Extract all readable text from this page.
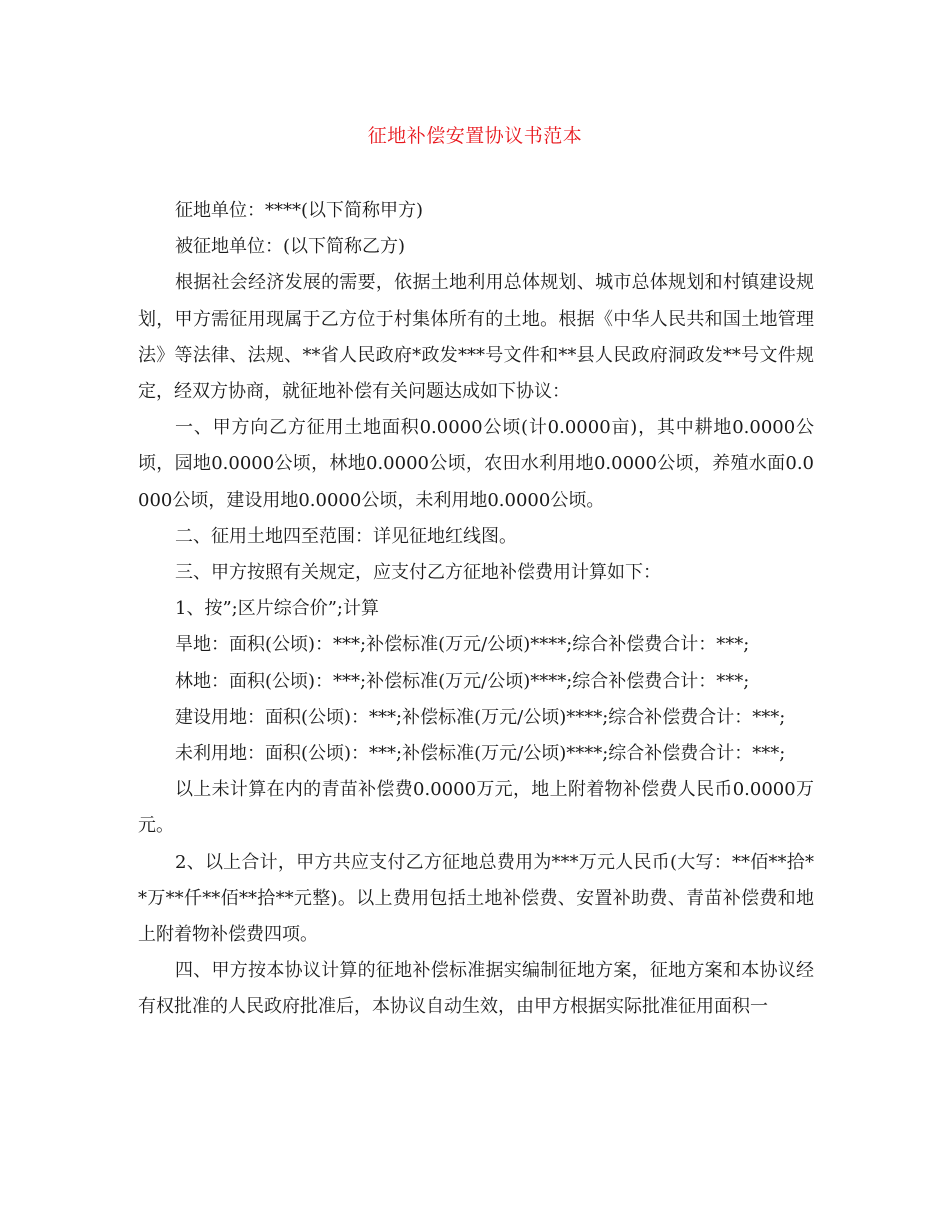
征地补偿安置协议书范本

征地单位：****(以下简称甲方)

被征地单位：(以下简称乙方)

根据社会经济发展的需要，依据土地利用总体规划、城市总体规划和村镇建设规划，甲方需征用现属于乙方位于村集体所有的土地。根据《中华人民共和国土地管理法》等法律、法规、**省人民政府*政发***号文件和**县人民政府洞政发**号文件规定，经双方协商，就征地补偿有关问题达成如下协议：

一、甲方向乙方征用土地面积0.0000公顷(计0.0000亩)，其中耕地0.0000公顷，园地0.0000公顷，林地0.0000公顷，农田水利用地0.0000公顷，养殖水面0.0000公顷，建设用地0.0000公顷，未利用地0.0000公顷。

二、征用土地四至范围：详见征地红线图。

三、甲方按照有关规定，应支付乙方征地补偿费用计算如下：

1、按”;区片综合价”;计算

旱地：面积(公顷)：***;补偿标准(万元/公顷)****;综合补偿费合计：***;

林地：面积(公顷)：***;补偿标准(万元/公顷)****;综合补偿费合计：***;

建设用地：面积(公顷)：***;补偿标准(万元/公顷)****;综合补偿费合计：***;

未利用地：面积(公顷)：***;补偿标准(万元/公顷)****;综合补偿费合计：***;

以上未计算在内的青苗补偿费0.0000万元，地上附着物补偿费人民币0.0000万元。

2、以上合计，甲方共应支付乙方征地总费用为***万元人民币(大写：**佰**拾**万**仟**佰**拾**元整)。以上费用包括土地补偿费、安置补助费、青苗补偿费和地上附着物补偿费四项。

四、甲方按本协议计算的征地补偿标准据实编制征地方案，征地方案和本协议经有权批准的人民政府批准后，本协议自动生效，由甲方根据实际批准征用面积一
